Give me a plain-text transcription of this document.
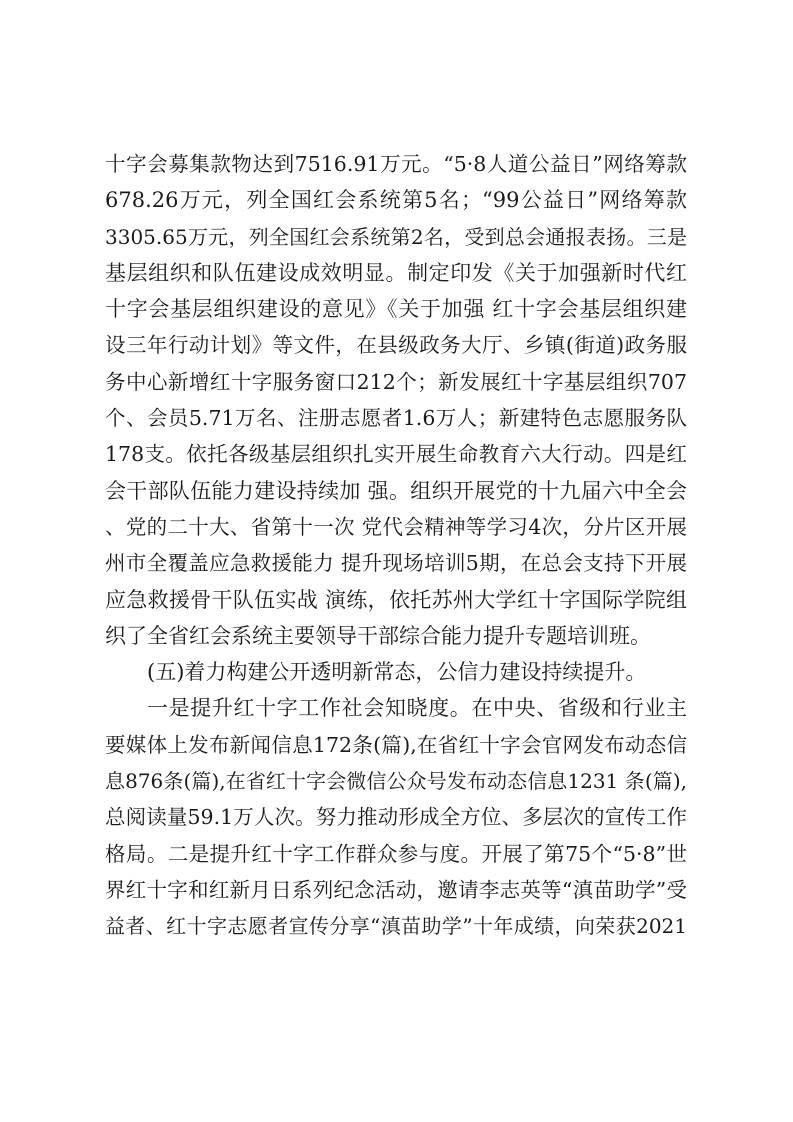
十字会募集款物达到7516.91万元。“5·8人道公益日”网络筹款
678.26万元，列全国红会系统第5名；“99公益日”网络筹款
3305.65万元，列全国红会系统第2名，受到总会通报表扬。三是
基层组织和队伍建设成效明显。制定印发《关于加强新时代红
十字会基层组织建设的意见》《关于加强 红十字会基层组织建
设三年行动计划》等文件，在县级政务大厅、乡镇(街道)政务服
务中心新增红十字服务窗口212个；新发展红十字基层组织707
个、会员5.71万名、注册志愿者1.6万人；新建特色志愿服务队
178支。依托各级基层组织扎实开展生命教育六大行动。四是红
会干部队伍能力建设持续加 强。组织开展党的十九届六中全会
、党的二十大、省第十一次 党代会精神等学习4次，分片区开展
州市全覆盖应急救援能力 提升现场培训5期，在总会支持下开展
应急救援骨干队伍实战 演练，依托苏州大学红十字国际学院组
织了全省红会系统主要领导干部综合能力提升专题培训班。
(五)着力构建公开透明新常态，公信力建设持续提升。
一是提升红十字工作社会知晓度。在中央、省级和行业主
要媒体上发布新闻信息172条(篇),在省红十字会官网发布动态信
息876条(篇),在省红十字会微信公众号发布动态信息1231 条(篇),
总阅读量59.1万人次。努力推动形成全方位、多层次的宣传工作
格局。二是提升红十字工作群众参与度。开展了第75个“5·8”世
界红十字和红新月日系列纪念活动，邀请李志英等“滇苗助学”受
益者、红十字志愿者宣传分享“滇苗助学”十年成绩，向荣获2021
